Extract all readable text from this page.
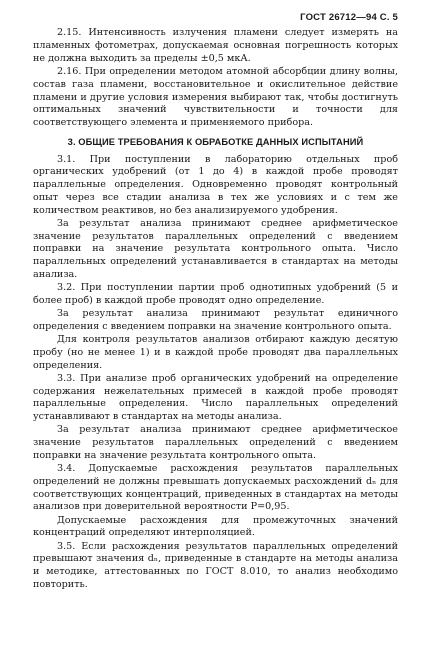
ГОСТ 26712—94 С. 5

2.15. Интенсивность излучения пламени следует измерять на пламенных фотометрах, допускаемая основная погрешность которых не должна выходить за пределы ±0,5 мкА.

2.16. При определении методом атомной абсорбции длину волны, состав газа пламени, восстановительное и окислительное действие пламени и другие условия измерения выбирают так, чтобы достигнуть оптимальных значений чувствительности и точности для соответствующего элемента и применяемого прибора.

3. ОБЩИЕ ТРЕБОВАНИЯ К ОБРАБОТКЕ ДАННЫХ ИСПЫТАНИЙ

3.1. При поступлении в лабораторию отдельных проб органических удобрений (от 1 до 4) в каждой пробе проводят параллельные определения. Одновременно проводят контрольный опыт через все стадии анализа в тех же условиях и с тем же количеством реактивов, но без анализируемого удобрения.

За результат анализа принимают среднее арифметическое значение результатов параллельных определений с введением поправки на значение результата контрольного опыта. Число параллельных определений устанавливается в стандартах на методы анализа.

3.2. При поступлении партии проб однотипных удобрений (5 и более проб) в каждой пробе проводят одно определение.

За результат анализа принимают результат единичного определения с введением поправки на значение контрольного опыта.

Для контроля результатов анализов отбирают каждую десятую пробу (но не менее 1) и в каждой пробе проводят два параллельных определения.

3.3. При анализе проб органических удобрений на определение содержания нежелательных примесей в каждой пробе проводят параллельные определения. Число параллельных определений устанавливают в стандартах на методы анализа.

За результат анализа принимают среднее арифметическое значение результатов параллельных определений с введением поправки на значение результата контрольного опыта.

3.4. Допускаемые расхождения результатов параллельных определений не должны превышать допускаемых расхождений dₙ для соответствующих концентраций, приведенных в стандартах на методы анализов при доверительной вероятности P=0,95.

Допускаемые расхождения для промежуточных значений концентраций определяют интерполяцией.

3.5. Если расхождения результатов параллельных определений превышают значения dₙ, приведенные в стандарте на методы анализа и методике, аттестованных по ГОСТ 8.010, то анализ необходимо повторить.
